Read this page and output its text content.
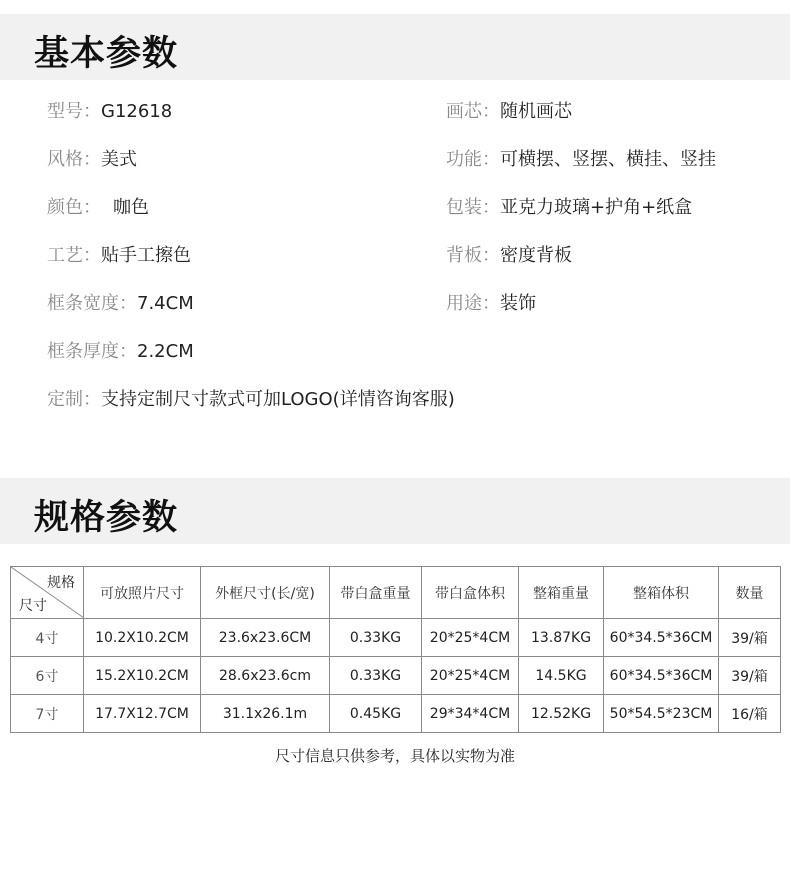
基本参数
型号：G12618	画芯：随机画芯
风格：美式	功能：可横摆、竖摆、横挂、竖挂
颜色： 咖色	包装：亚克力玻璃+护角+纸盒
工艺：贴手工擦色	背板：密度背板
框条宽度：7.4CM	用途：装饰
框条厚度：2.2CM
定制：支持定制尺寸款式可加LOGO(详情咨询客服)
规格参数
规格
尺寸	可放照片尺寸	外框尺寸(长/宽)	带白盒重量	带白盒体积	整箱重量	整箱体积	数量
4寸	10.2X10.2CM	23.6x23.6CM	0.33KG	20*25*4CM	13.87KG	60*34.5*36CM	39/箱
6寸	15.2X10.2CM	28.6x23.6cm	0.33KG	20*25*4CM	14.5KG	60*34.5*36CM	39/箱
7寸	17.7X12.7CM	31.1x26.1m	0.45KG	29*34*4CM	12.52KG	50*54.5*23CM	16/箱
尺寸信息只供参考，具体以实物为准
